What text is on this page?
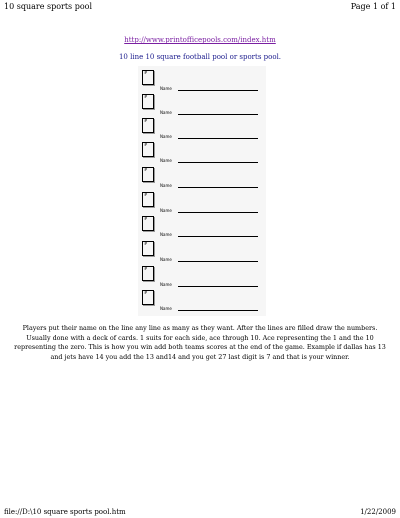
10 square sports pool	Page 1 of 1
http://www.printofficepools.com/index.htm
10 line 10 square football pool or sports pool.
#
Name
#
Name
#
Name
#
Name
#
Name
#
Name
#
Name
#
Name
#
Name
#
Name
Players put their name on the line any line as many as they want. After the lines are filled draw the numbers. Usually done with a deck of cards. 1 suits for each side, ace through 10. Ace representing the 1 and the 10 representing the zero. This is how you win add both teams scores at the end of the game. Example if dallas has 13 and jets have 14 you add the 13 and14 and you get 27 last digit is 7 and that is your winner.
file://D:\10 square sports pool.htm	1/22/2009
